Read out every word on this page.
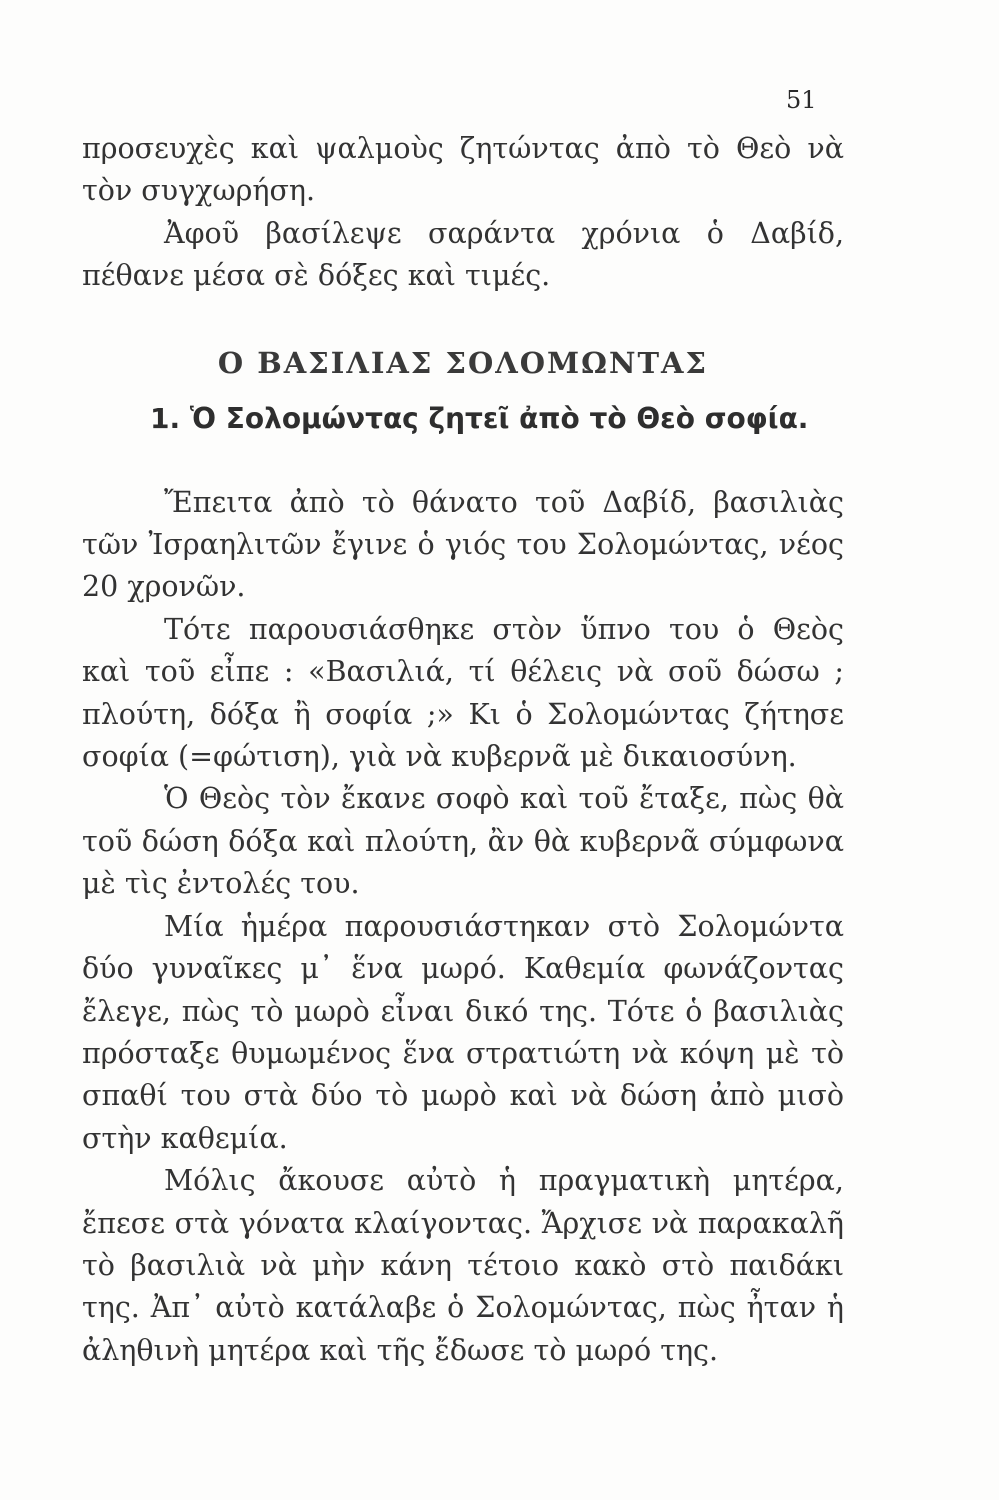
51

προσευχὲς καὶ ψαλμοὺς ζητώντας ἀπὸ τὸ Θεὸ νὰ τὸν συγχωρήση.

Ἀφοῦ βασίλεψε σαράντα χρόνια ὁ Δαβίδ, πέθανε μέσα σὲ δόξες καὶ τιμές.

Ο ΒΑΣΙΛΙΑΣ ΣΟΛΟΜΩΝΤΑΣ
1. Ὁ Σολομώντας ζητεῖ ἀπὸ τὸ Θεὸ σοφία.

Ἔπειτα ἀπὸ τὸ θάνατο τοῦ Δαβίδ, βασιλιὰς τῶν Ἰσραηλιτῶν ἔγινε ὁ γιός του Σολομώντας, νέος 20 χρονῶν.

Τότε παρουσιάσθηκε στὸν ὕπνο του ὁ Θεὸς καὶ τοῦ εἶπε : «Βασιλιά, τί θέλεις νὰ σοῦ δώσω ; πλούτη, δόξα ἢ σοφία ;» Κι ὁ Σολομώντας ζήτησε σοφία (=φώτιση), γιὰ νὰ κυβερνᾶ μὲ δικαιοσύνη.

Ὁ Θεὸς τὸν ἔκανε σοφὸ καὶ τοῦ ἔταξε, πὼς θὰ τοῦ δώση δόξα καὶ πλούτη, ἂν θὰ κυβερνᾶ σύμφωνα μὲ τὶς ἐντολές του.

Μία ἡμέρα παρουσιάστηκαν στὸ Σολομώντα δύο γυναῖκες μ᾽ ἕνα μωρό. Καθεμία φωνάζοντας ἔλεγε, πὼς τὸ μωρὸ εἶναι δικό της. Τότε ὁ βασιλιὰς πρόσταξε θυμωμένος ἕνα στρατιώτη νὰ κόψη μὲ τὸ σπαθί του στὰ δύο τὸ μωρὸ καὶ νὰ δώση ἀπὸ μισὸ στὴν καθεμία.

Μόλις ἄκουσε αὐτὸ ἡ πραγματικὴ μητέρα, ἔπεσε στὰ γόνατα κλαίγοντας. Ἄρχισε νὰ παρακαλῆ τὸ βασιλιὰ νὰ μὴν κάνη τέτοιο κακὸ στὸ παιδάκι της. Ἀπ᾽ αὐτὸ κατάλαβε ὁ Σολομώντας, πὼς ἦταν ἡ ἀληθινὴ μητέρα καὶ τῆς ἔδωσε τὸ μωρό της.
